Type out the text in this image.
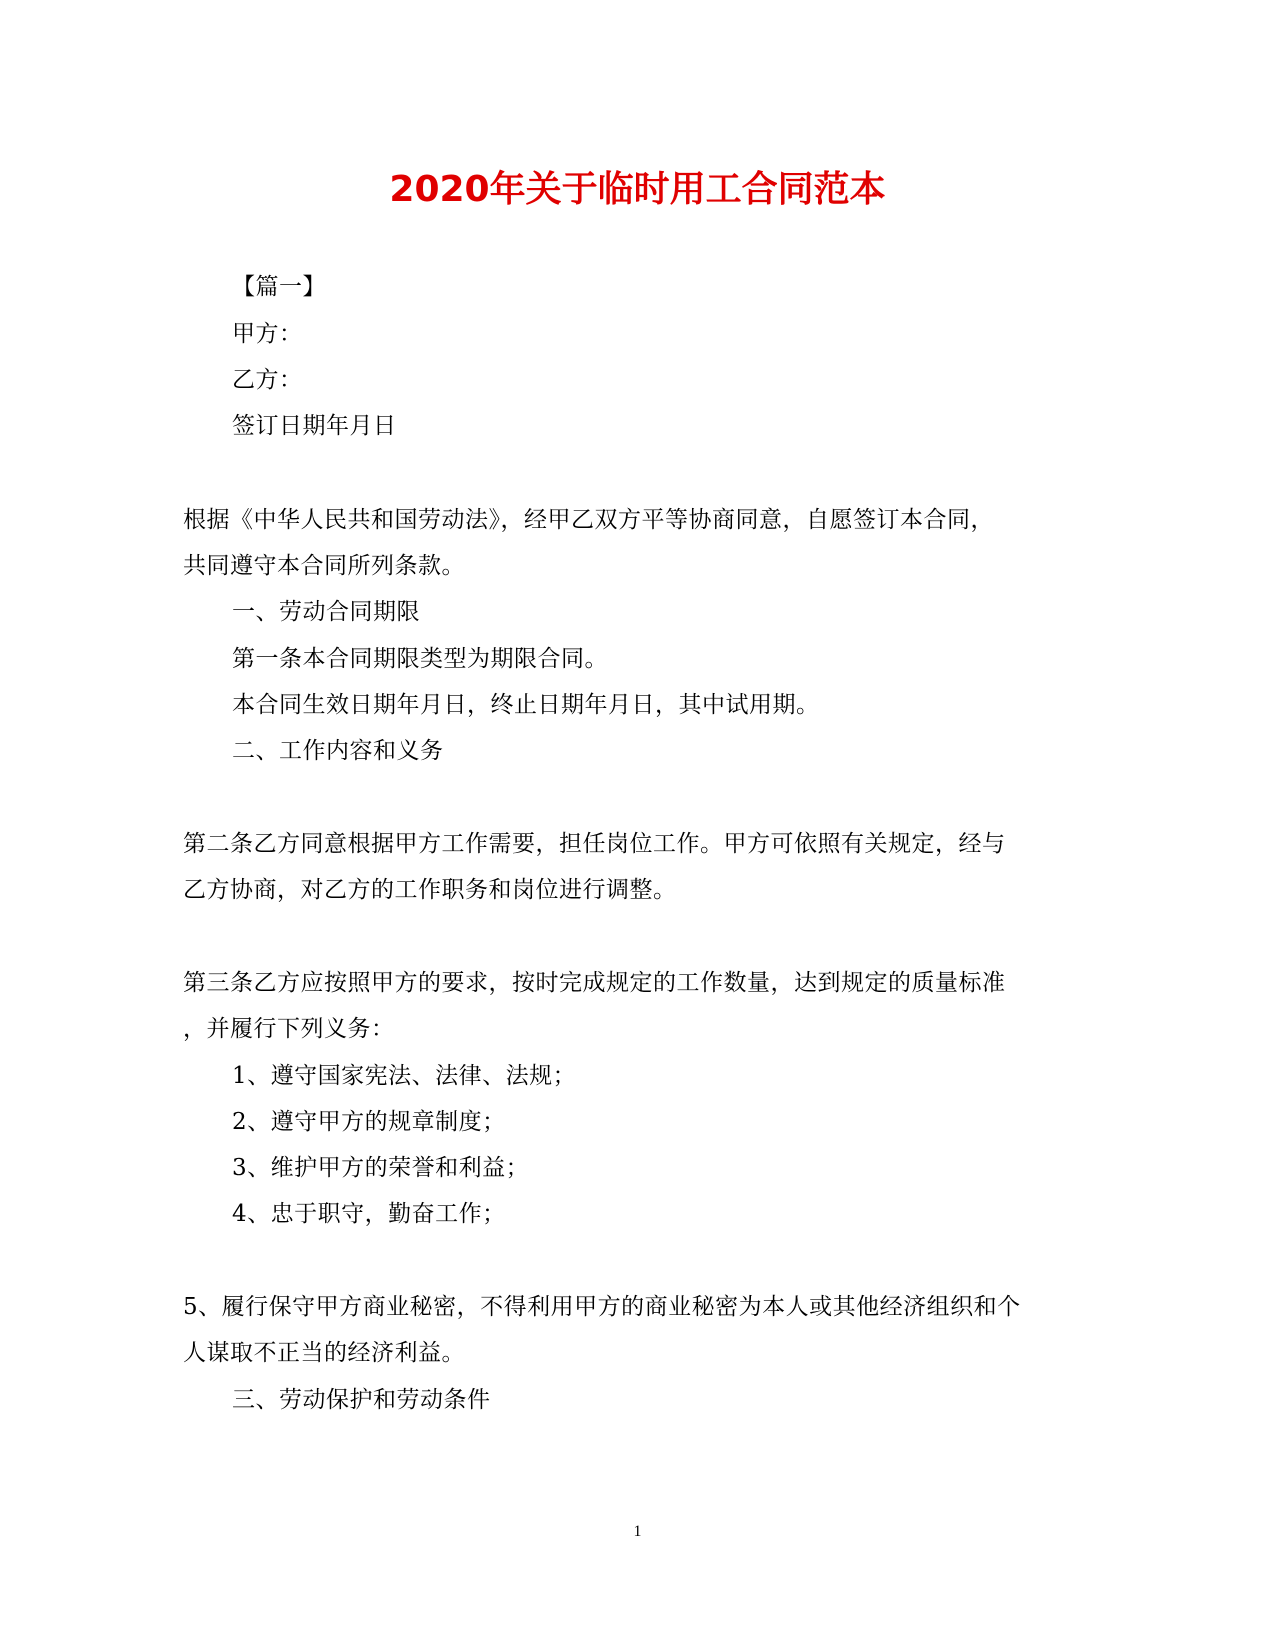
2020年关于临时用工合同范本
【篇一】
甲方：
乙方：
签订日期年月日
根据《中华人民共和国劳动法》，经甲乙双方平等协商同意，自愿签订本合同，
共同遵守本合同所列条款。
一、劳动合同期限
第一条本合同期限类型为期限合同。
本合同生效日期年月日，终止日期年月日，其中试用期。
二、工作内容和义务
第二条乙方同意根据甲方工作需要，担任岗位工作。甲方可依照有关规定，经与
乙方协商，对乙方的工作职务和岗位进行调整。
第三条乙方应按照甲方的要求，按时完成规定的工作数量，达到规定的质量标准
，并履行下列义务：
1、遵守国家宪法、法律、法规；
2、遵守甲方的规章制度；
3、维护甲方的荣誉和利益；
4、忠于职守，勤奋工作；
5、履行保守甲方商业秘密，不得利用甲方的商业秘密为本人或其他经济组织和个
人谋取不正当的经济利益。
三、劳动保护和劳动条件
1
